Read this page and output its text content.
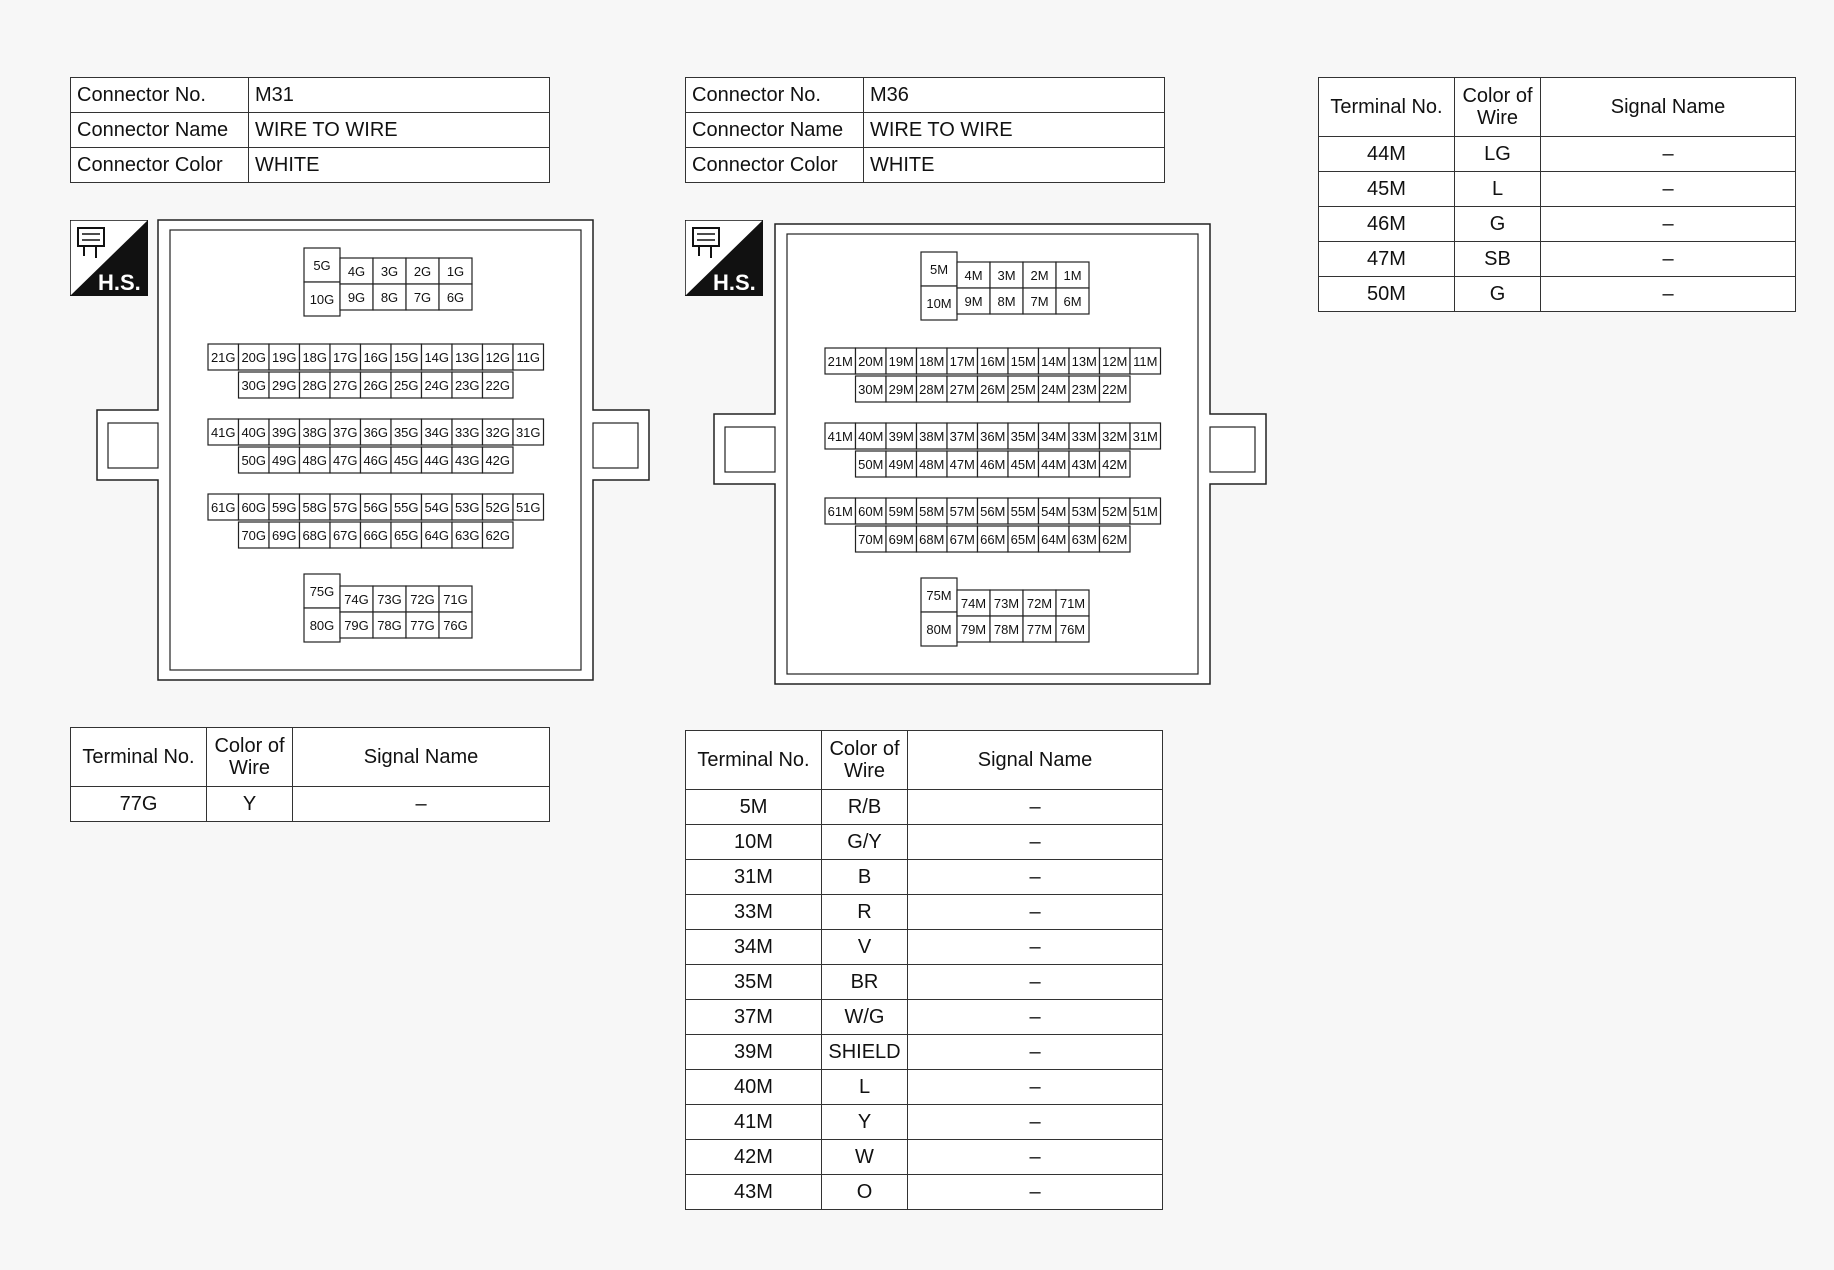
Connector No.	M31
Connector Name	WIRE TO WIRE
Connector Color	WHITE
Connector No.	M36
Connector Name	WIRE TO WIRE
Connector Color	WHITE
H.S.	H.S.
5G
10G
4G 3G 2G 1G
9G 8G 7G 6G
21G 20G 19G 18G 17G 16G 15G 14G 13G 12G 11G
30G 29G 28G 27G 26G 25G 24G 23G 22G
41G 40G 39G 38G 37G 36G 35G 34G 33G 32G 31G
50G 49G 48G 47G 46G 45G 44G 43G 42G
61G 60G 59G 58G 57G 56G 55G 54G 53G 52G 51G
70G 69G 68G 67G 66G 65G 64G 63G 62G
75G
80G
74G 73G 72G 71G
79G 78G 77G 76G
5M
10M
4M 3M 2M 1M
9M 8M 7M 6M
21M 20M 19M 18M 17M 16M 15M 14M 13M 12M 11M
30M 29M 28M 27M 26M 25M 24M 23M 22M
41M 40M 39M 38M 37M 36M 35M 34M 33M 32M 31M
50M 49M 48M 47M 46M 45M 44M 43M 42M
61M 60M 59M 58M 57M 56M 55M 54M 53M 52M 51M
70M 69M 68M 67M 66M 65M 64M 63M 62M
75M
80M
74M 73M 72M 71M
79M 78M 77M 76M
Terminal No.	Color of Wire	Signal Name
77G	Y	–
Terminal No.	Color of Wire	Signal Name
5M	R/B	–
10M	G/Y	–
31M	B	–
33M	R	–
34M	V	–
35M	BR	–
37M	W/G	–
39M	SHIELD	–
40M	L	–
41M	Y	–
42M	W	–
43M	O	–
Terminal No.	Color of Wire	Signal Name
44M	LG	–
45M	L	–
46M	G	–
47M	SB	–
50M	G	–
